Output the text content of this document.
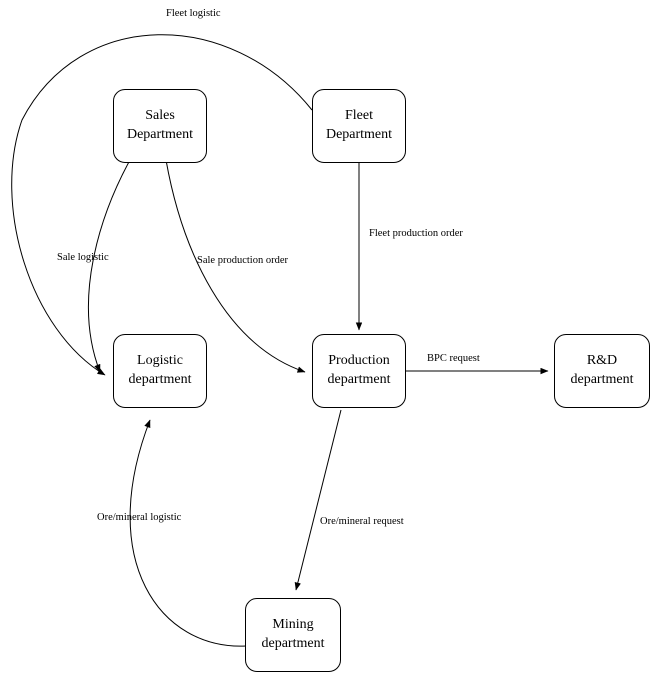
Sales
Department
Fleet
Department
Logistic
department
Production
department
R&D
department
Mining
department
Fleet logistic
Sale logistic	Sale production order
Fleet production order
BPC request
Ore/mineral request
Ore/mineral logistic
